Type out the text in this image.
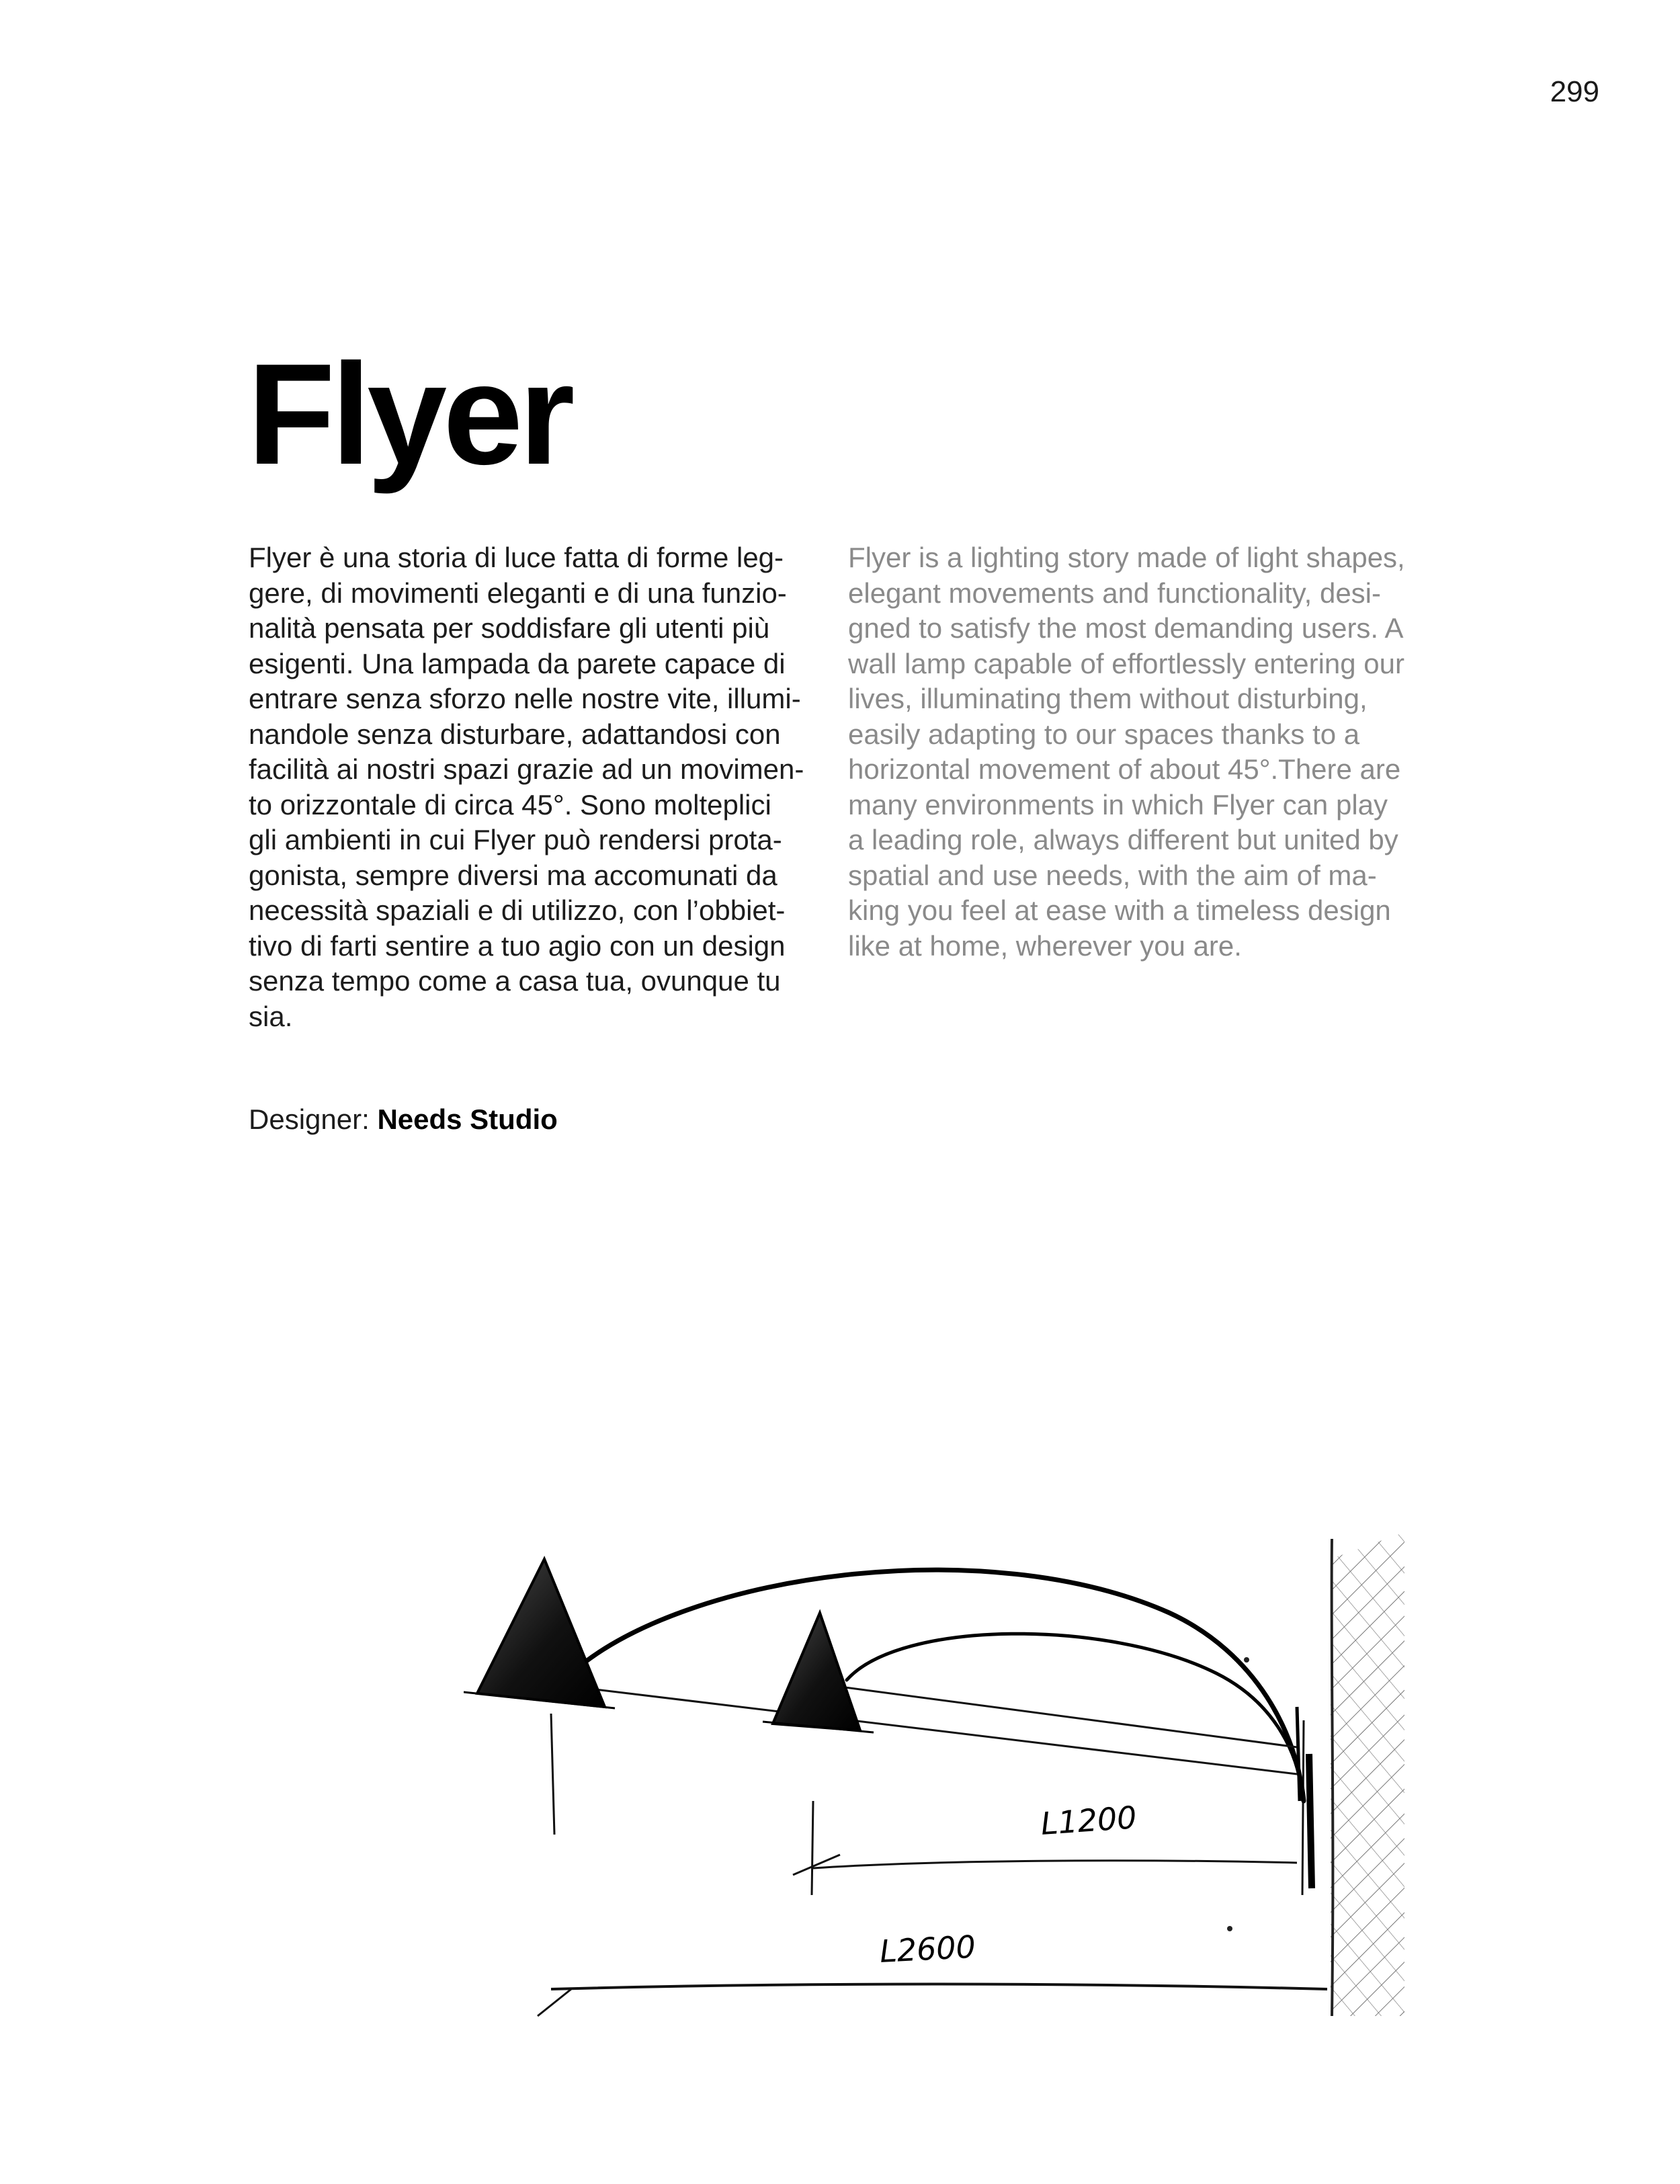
299
Flyer

Flyer è una storia di luce fatta di forme leg-
gere, di movimenti eleganti e di una funzio-
nalità pensata per soddisfare gli utenti più
esigenti. Una lampada da parete capace di
entrare senza sforzo nelle nostre vite, illumi-
nandole senza disturbare, adattandosi con
facilità ai nostri spazi grazie ad un movimen-
to orizzontale di circa 45°. Sono molteplici
gli ambienti in cui Flyer può rendersi prota-
gonista, sempre diversi ma accomunati da
necessità spaziali e di utilizzo, con l’obbiet-
tivo di farti sentire a tuo agio con un design
senza tempo come a casa tua, ovunque tu
sia.

Flyer is a lighting story made of light shapes,
elegant movements and functionality, desi-
gned to satisfy the most demanding users. A
wall lamp capable of effortlessly entering our
lives, illuminating them without disturbing,
easily adapting to our spaces thanks to a
horizontal movement of about 45°.There are
many environments in which Flyer can play
a leading role, always different but united by
spatial and use needs, with the aim of ma-
king you feel at ease with a timeless design
like at home, wherever you are.

Designer: Needs Studio
L1200
L2600
